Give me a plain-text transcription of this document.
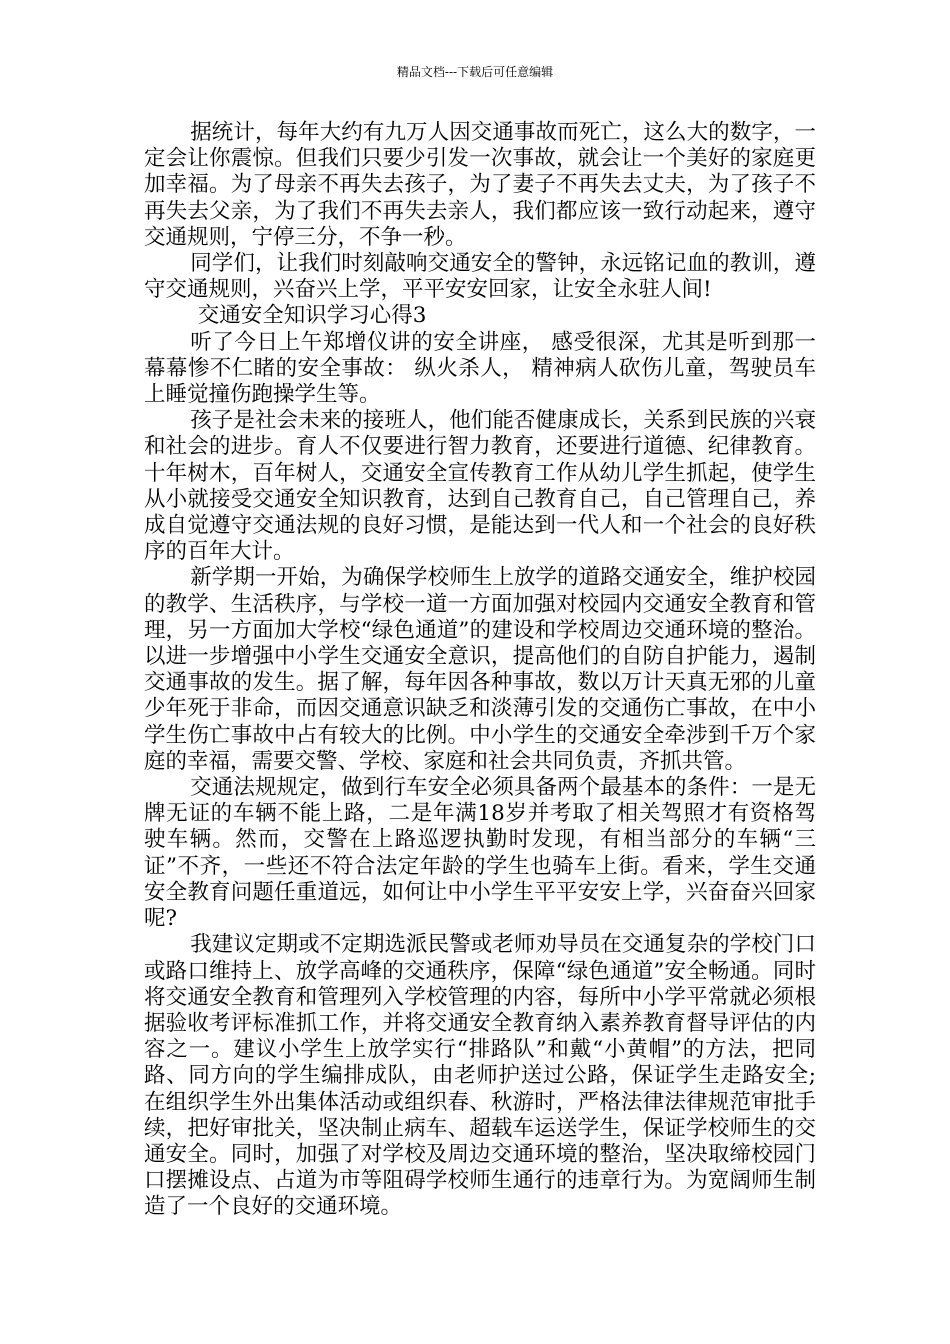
精品文档---下载后可任意编辑

据统计，每年大约有九万人因交通事故而死亡，这么大的数字，一定会让你震惊。但我们只要少引发一次事故，就会让一个美好的家庭更加幸福。为了母亲不再失去孩子，为了妻子不再失去丈夫，为了孩子不再失去父亲，为了我们不再失去亲人，我们都应该一致行动起来，遵守交通规则，宁停三分，不争一秒。

同学们，让我们时刻敲响交通安全的警钟，永远铭记血的教训，遵守交通规则，兴奋兴上学，平平安安回家，让安全永驻人间!

交通安全知识学习心得3

听了今日上午郑增仪讲的安全讲座， 感受很深，尤其是听到那一幕幕惨不仁睹的安全事故： 纵火杀人， 精神病人砍伤儿童，驾驶员车上睡觉撞伤跑操学生等。

孩子是社会未来的接班人，他们能否健康成长，关系到民族的兴衰和社会的进步。育人不仅要进行智力教育，还要进行道德、纪律教育。十年树木，百年树人，交通安全宣传教育工作从幼儿学生抓起，使学生从小就接受交通安全知识教育，达到自己教育自己，自己管理自己，养成自觉遵守交通法规的良好习惯，是能达到一代人和一个社会的良好秩序的百年大计。

新学期一开始，为确保学校师生上放学的道路交通安全，维护校园的教学、生活秩序，与学校一道一方面加强对校园内交通安全教育和管理，另一方面加大学校“绿色通道”的建设和学校周边交通环境的整治。以进一步增强中小学生交通安全意识，提高他们的自防自护能力，遏制交通事故的发生。据了解，每年因各种事故，数以万计天真无邪的儿童少年死于非命，而因交通意识缺乏和淡薄引发的交通伤亡事故，在中小学生伤亡事故中占有较大的比例。中小学生的交通安全牵涉到千万个家庭的幸福，需要交警、学校、家庭和社会共同负责，齐抓共管。

交通法规规定，做到行车安全必须具备两个最基本的条件：一是无牌无证的车辆不能上路，二是年满18岁并考取了相关驾照才有资格驾驶车辆。然而，交警在上路巡逻执勤时发现，有相当部分的车辆“三证”不齐，一些还不符合法定年龄的学生也骑车上街。看来，学生交通安全教育问题任重道远，如何让中小学生平平安安上学，兴奋奋兴回家呢?

我建议定期或不定期选派民警或老师劝导员在交通复杂的学校门口或路口维持上、放学高峰的交通秩序，保障“绿色通道”安全畅通。同时 将交通安全教育和管理列入学校管理的内容，每所中小学平常就必须根据验收考评标准抓工作，并将交通安全教育纳入素养教育督导评估的内容之一。建议小学生上放学实行“排路队”和戴“小黄帽”的方法，把同路、同方向的学生编排成队，由老师护送过公路，保证学生走路安全;在组织学生外出集体活动或组织春、秋游时，严格法律法律规范审批手续，把好审批关，坚决制止病车、超载车运送学生，保证学校师生的交通安全。同时，加强了对学校及周边交通环境的整治，坚决取缔校园门口摆摊设点、占道为市等阻碍学校师生通行的违章行为。为宽阔师生制造了一个良好的交通环境。
